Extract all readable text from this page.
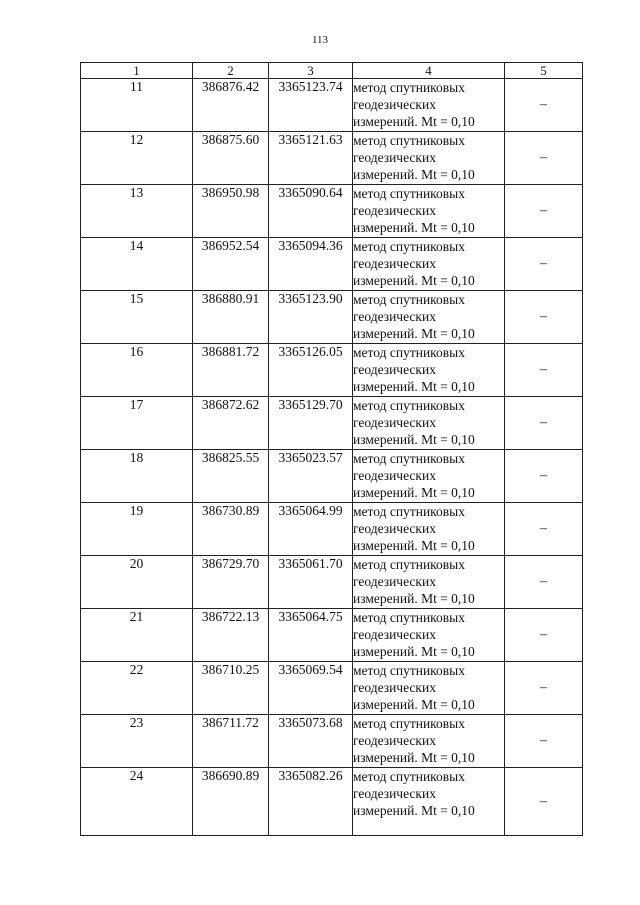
113
1	2	3	4	5
11	386876.42	3365123.74	метод спутниковых
геодезических
измерений. Mt = 0,10	–
12	386875.60	3365121.63	метод спутниковых
геодезических
измерений. Mt = 0,10	–
13	386950.98	3365090.64	метод спутниковых
геодезических
измерений. Mt = 0,10	–
14	386952.54	3365094.36	метод спутниковых
геодезических
измерений. Mt = 0,10	–
15	386880.91	3365123.90	метод спутниковых
геодезических
измерений. Mt = 0,10	–
16	386881.72	3365126.05	метод спутниковых
геодезических
измерений. Mt = 0,10	–
17	386872.62	3365129.70	метод спутниковых
геодезических
измерений. Mt = 0,10	–
18	386825.55	3365023.57	метод спутниковых
геодезических
измерений. Mt = 0,10	–
19	386730.89	3365064.99	метод спутниковых
геодезических
измерений. Mt = 0,10	–
20	386729.70	3365061.70	метод спутниковых
геодезических
измерений. Mt = 0,10	–
21	386722.13	3365064.75	метод спутниковых
геодезических
измерений. Mt = 0,10	–
22	386710.25	3365069.54	метод спутниковых
геодезических
измерений. Mt = 0,10	–
23	386711.72	3365073.68	метод спутниковых
геодезических
измерений. Mt = 0,10	–
24	386690.89	3365082.26	метод спутниковых
геодезических
измерений. Mt = 0,10	–
